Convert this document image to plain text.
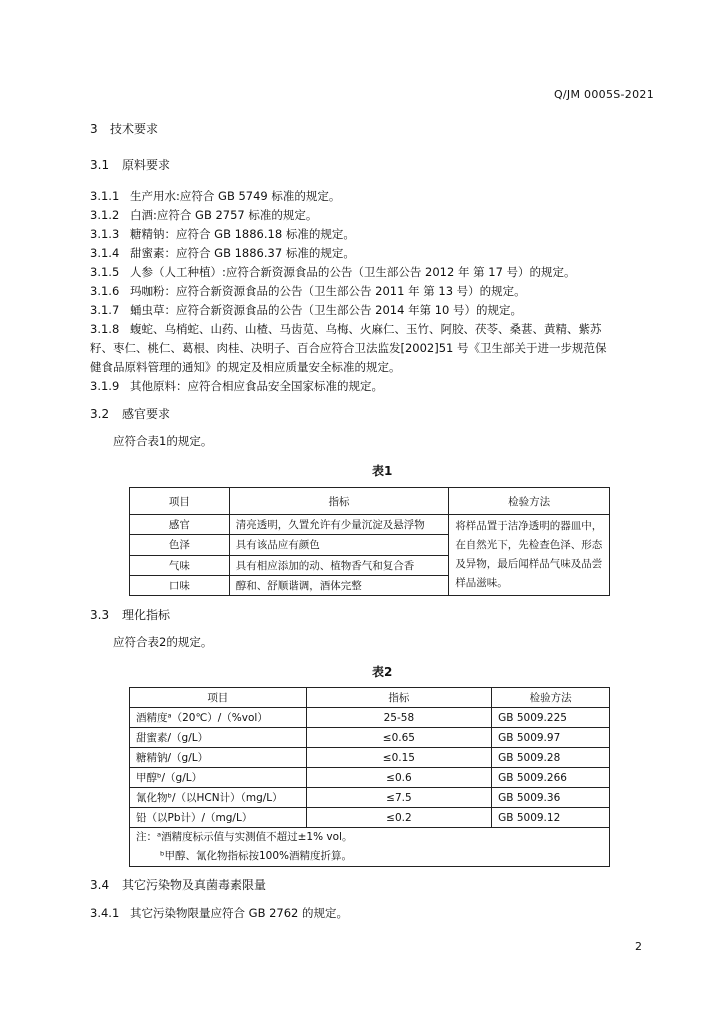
Q/JM 0005S-2021
3 技术要求
3.1 原料要求
3.1.1 生产用水:应符合 GB 5749 标准的规定。
3.1.2 白酒:应符合 GB 2757 标准的规定。
3.1.3 糖精钠：应符合 GB 1886.18 标准的规定。
3.1.4 甜蜜素：应符合 GB 1886.37 标准的规定。
3.1.5 人参（人工种植）:应符合新资源食品的公告（卫生部公告 2012 年 第 17 号）的规定。
3.1.6 玛咖粉：应符合新资源食品的公告（卫生部公告 2011 年 第 13 号）的规定。
3.1.7 蛹虫草：应符合新资源食品的公告（卫生部公告 2014 年第 10 号）的规定。
3.1.8 蝮蛇、乌梢蛇、山药、山楂、马齿苋、乌梅、火麻仁、玉竹、阿胶、茯苓、桑葚、黄精、紫苏
籽、枣仁、桃仁、葛根、肉桂、决明子、百合应符合卫法监发[2002]51 号《卫生部关于进一步规范保
健食品原料管理的通知》的规定及相应质量安全标准的规定。
3.1.9 其他原料：应符合相应食品安全国家标准的规定。
3.2 感官要求
应符合表1的规定。
表1
项目	指标	检验方法
感官	清亮透明，久置允许有少量沉淀及悬浮物	将样品置于洁净透明的器皿中，
在自然光下，先检查色泽、形态
及异物，最后闻样品气味及品尝
样品滋味。

色泽	具有该品应有颜色	
气味	具有相应添加的动、植物香气和复合香	
口味	醇和、舒顺谐调，酒体完整	
3.3 理化指标
应符合表2的规定。
表2
项目	指标	检验方法
酒精度ᵃ（20℃）/（%vol）	25-58	GB 5009.225
甜蜜素/（g/L）	≤0.65	GB 5009.97
糖精钠/（g/L）	≤0.15	GB 5009.28
甲醇ᵇ/（g/L）	≤0.6	GB 5009.266
氰化物ᵇ/（以HCN计）（mg/L）	≤7.5	GB 5009.36
铅（以Pb计）/（mg/L）	≤0.2	GB 5009.12

注：ᵃ酒精度标示值与实测值不超过±1% vol。
ᵇ甲醇、氰化物指标按100%酒精度折算。		
3.4 其它污染物及真菌毒素限量
3.4.1 其它污染物限量应符合 GB 2762 的规定。
2
